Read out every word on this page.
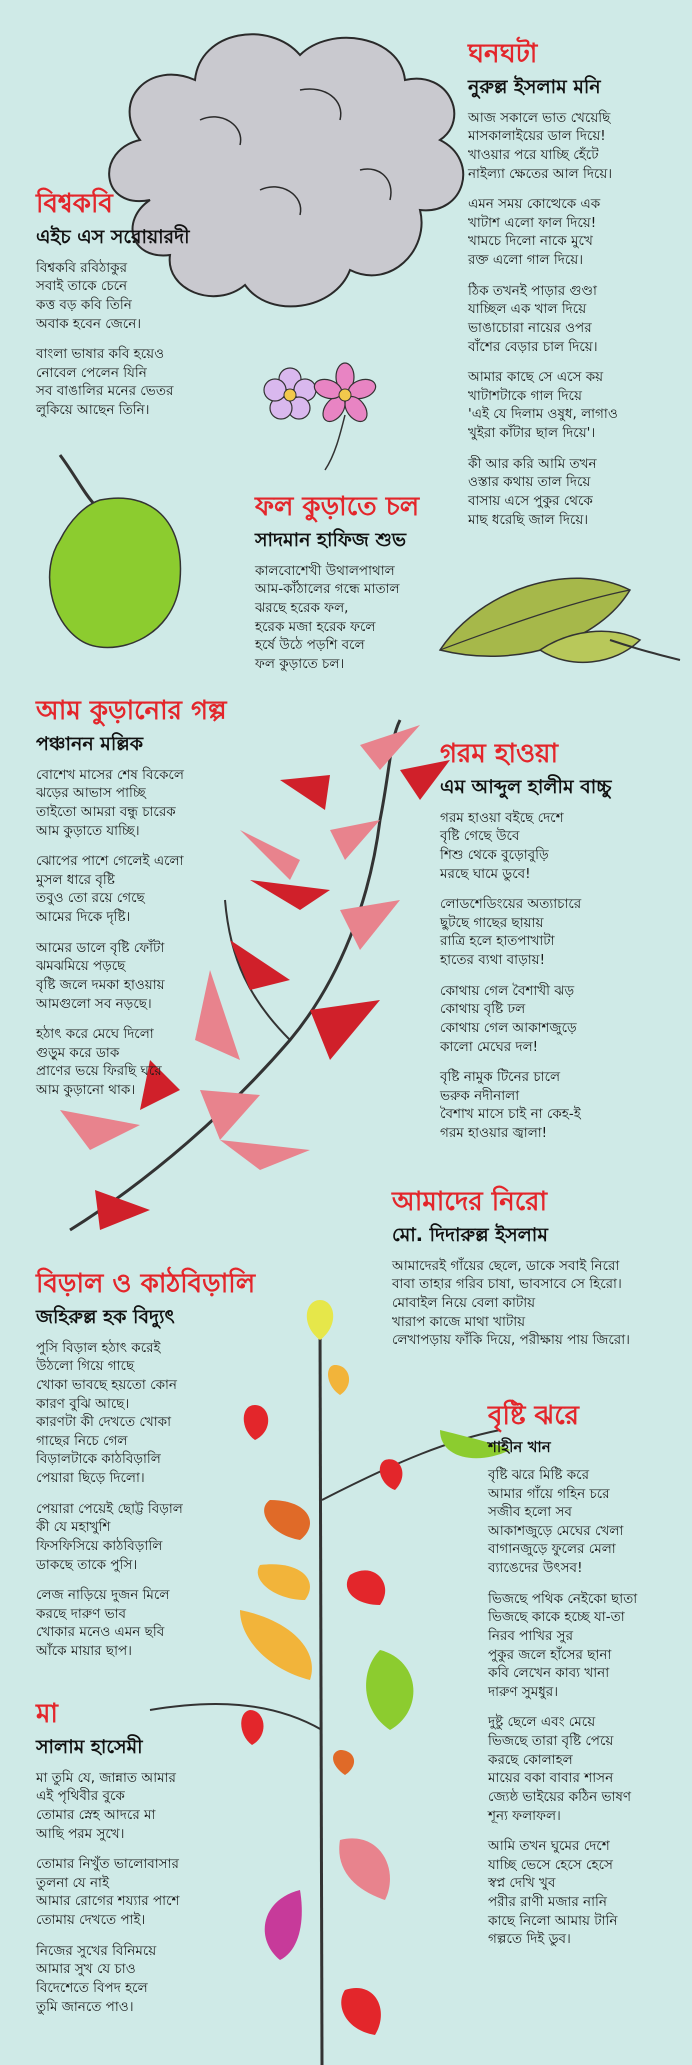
ঘনঘটা
নুরুল্ল ইসলাম মনি
আজ সকালে ভাত খেয়েছি
মাসকালাইয়ের ডাল দিয়ে!
খাওয়ার পরে যাচ্ছি হেঁটে
নাইল্যা ক্ষেতের আল দিয়ে।
এমন সময় কোত্থেকে এক
খাটাশ এলো ফাল দিয়ে!
খামচে দিলো নাকে মুখে
রক্ত এলো গাল দিয়ে।
ঠিক তখনই পাড়ার গুণ্ডা
যাচ্ছিল এক খাল দিয়ে
ভাঙাচোরা নায়ের ওপর
বাঁশের বেড়ার চাল দিয়ে।
আমার কাছে সে এসে কয়
খাটাশটাকে গাল দিয়ে
'এই যে দিলাম ওষুধ, লাগাও
খুইরা কাঁটার ছাল দিয়ে'।
কী আর করি আমি তখন
ওস্তার কথায় তাল দিয়ে
বাসায় এসে পুকুর থেকে
মাছ ধরেছি জাল দিয়ে।
বিশ্বকবি
এইচ এস সরোয়ারদী
বিশ্বকবি রবিঠাকুর
সবাই তাকে চেনে
কত্ত বড় কবি তিনি
অবাক হবেন জেনে।
বাংলা ভাষার কবি হয়েও
নোবেল পেলেন যিনি
সব বাঙালির মনের ভেতর
লুকিয়ে আছেন তিনি।
ফল কুড়াতে চল
সাদমান হাফিজ শুভ
কালবোশেখী উথালপাথাল
আম-কাঁঠালের গন্ধে মাতাল
ঝরছে হরেক ফল,
হরেক মজা হরেক ফলে
হর্ষে উঠে পড়শি বলে
ফল কুড়াতে চল।
আম কুড়ানোর গল্প
পঞ্চানন মল্লিক
বোশেখ মাসের শেষ বিকেলে
ঝড়ের আভাস পাচ্ছি
তাইতো আমরা বন্ধু চারেক
আম কুড়াতে যাচ্ছি।
ঝোপের পাশে গেলেই এলো
মুসল ধারে বৃষ্টি
তবুও তো রয়ে গেছে
আমের দিকে দৃষ্টি।
আমের ডালে বৃষ্টি ফোঁটা
ঝমঝমিয়ে পড়ছে
বৃষ্টি জলে দমকা হাওয়ায়
আমগুলো সব নড়ছে।
হঠাৎ করে মেঘে দিলো
গুড়ুম করে ডাক
প্রাণের ভয়ে ফিরছি ঘরে
আম কুড়ানো থাক।
গরম হাওয়া
এম আব্দুল হালীম বাচ্চু
গরম হাওয়া বইছে দেশে
বৃষ্টি গেছে উবে
শিশু থেকে বুড়োবুড়ি
মরছে ঘামে ডুবে!
লোডশেডিংয়ের অত্যাচারে
ছুটছে গাছের ছায়ায়
রাত্রি হলে হাতপাখাটা
হাতের ব্যথা বাড়ায়!
কোথায় গেল বৈশাখী ঝড়
কোথায় বৃষ্টি ঢল
কোথায় গেল আকাশজুড়ে
কালো মেঘের দল!
বৃষ্টি নামুক টিনের চালে
ভরুক নদীনালা
বৈশাখ মাসে চাই না কেহ-ই
গরম হাওয়ার জ্বালা!
আমাদের নিরো
মো. দিদারুল্ল ইসলাম
আমাদেরই গাঁয়ের ছেলে, ডাকে সবাই নিরো
বাবা তাহার গরিব চাষা, ভাবসাবে সে হিরো।
মোবাইল নিয়ে বেলা কাটায়
খারাপ কাজে মাথা খাটায়
লেখাপড়ায় ফাঁকি দিয়ে, পরীক্ষায় পায় জিরো।
বিড়াল ও কাঠবিড়ালি
জহিরুল্ল হক বিদ্যুৎ
পুসি বিড়াল হঠাৎ করেই
উঠলো গিয়ে গাছে
খোকা ভাবছে হয়তো কোন
কারণ বুঝি আছে।
কারণটা কী দেখতে খোকা
গাছের নিচে গেল
বিড়ালটাকে কাঠবিড়ালি
পেয়ারা ছিড়ে দিলো।
পেয়ারা পেয়েই ছোট্ট বিড়াল
কী যে মহাখুশি
ফিসফিসিয়ে কাঠবিড়ালি
ডাকছে তাকে পুসি।
লেজ নাড়িয়ে দুজন মিলে
করছে দারুণ ভাব
খোকার মনেও এমন ছবি
আঁকে মায়ার ছাপ।
বৃষ্টি ঝরে
শাহীন খান
বৃষ্টি ঝরে মিষ্টি করে
আমার গাঁয়ে গহিন চরে
সজীব হলো সব
আকাশজুড়ে মেঘের খেলা
বাগানজুড়ে ফুলের মেলা
ব্যাঙেদের উৎসব!
ভিজছে পথিক নেইকো ছাতা
ভিজছে কাকে হচ্ছে যা-তা
নিরব পাখির সুর
পুকুর জলে হাঁসের ছানা
কবি লেখেন কাব্য খানা
দারুণ সুমধুর।
দুষ্টু ছেলে এবং মেয়ে
ভিজছে তারা বৃষ্টি পেয়ে
করছে কোলাহল
মায়ের বকা বাবার শাসন
জ্যেষ্ঠ ভাইয়ের কঠিন ভাষণ
শূন্য ফলাফল।
আমি তখন ঘুমের দেশে
যাচ্ছি ভেসে হেসে হেসে
স্বপ্ন দেখি খুব
পরীর রাণী মজার নানি
কাছে নিলো আমায় টানি
গল্পতে দিই ডুব।
মা
সালাম হাসেমী
মা তুমি যে, জান্নাত আমার
এই পৃথিবীর বুকে
তোমার স্নেহ আদরে মা
আছি পরম সুখে।
তোমার নিখুঁত ভালোবাসার
তুলনা যে নাই
আমার রোগের শয্যার পাশে
তোমায় দেখতে পাই।
নিজের সুখের বিনিময়ে
আমার সুখ যে চাও
বিদেশেতে বিপদ হলে
তুমি জানতে পাও।
